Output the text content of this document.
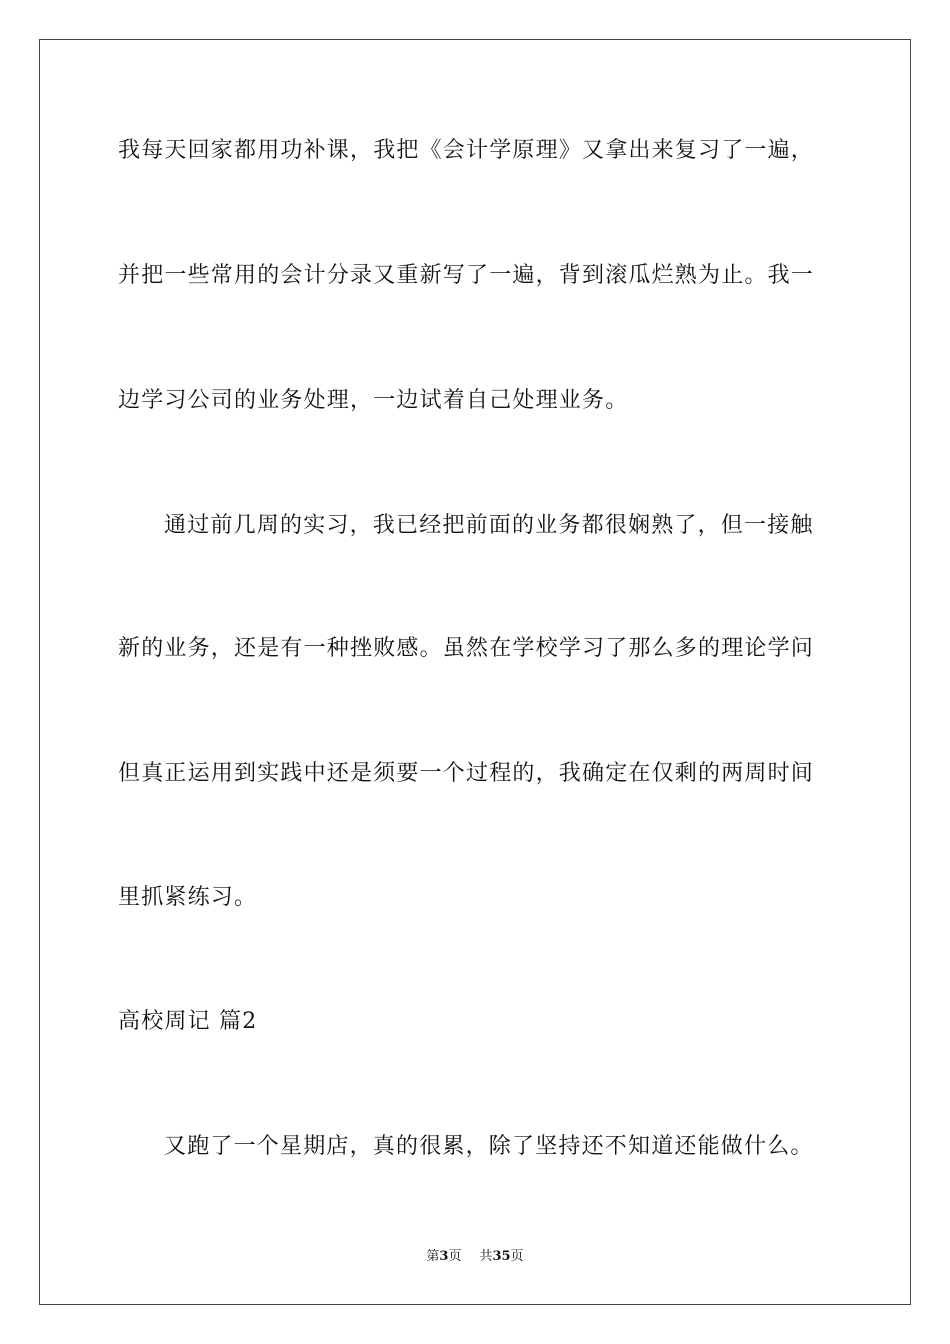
我每天回家都用功补课，我把《会计学原理》又拿出来复习了一遍，
并把一些常用的会计分录又重新写了一遍，背到滚瓜烂熟为止。我一
边学习公司的业务处理，一边试着自己处理业务。
通过前几周的实习，我已经把前面的业务都很娴熟了，但一接触
新的业务，还是有一种挫败感。虽然在学校学习了那么多的理论学问
但真正运用到实践中还是须要一个过程的，我确定在仅剩的两周时间
里抓紧练习。
高校周记 篇2
又跑了一个星期店，真的很累，除了坚持还不知道还能做什么。
第3页 共35页
